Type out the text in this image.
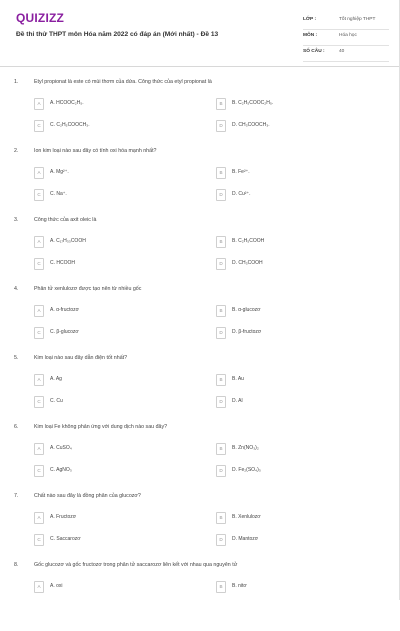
QUIZIZZ
Đề thi thử THPT môn Hóa năm 2022 có đáp án (Mới nhất) - Đề 13
LỚP :	Tốt nghiệp THPT
MÔN :	Hóa học
SỐ CÂU :	40
1.	Etyl propionat là este có mùi thơm của dứa. Công thức của etyl propionat là
A	A. HCOOC₂H₅.	B	B. C₂H₅COOC₂H₅.
C	C. C₂H₅COOCH₃.	D	D. CH₃COOCH₃.
2.	Ion kim loại nào sau đây có tính oxi hóa mạnh nhất?
A	A. Mg²⁺.	B	B. Fe²⁺.
C	C. Na⁺.	D	D. Cu²⁺.
3.	Công thức của axit oleic là
A	A. C₁₇H₃₃COOH	B	B. C₂H₅COOH
C	C. HCOOH	D	D. CH₃COOH
4.	Phân tử xenlulozơ được tạo nên từ nhiều gốc
A	A. α-fructozơ	B	B. α-glucozơ
C	C. β-glucozơ	D	D. β-fructozơ
5.	Kim loại nào sau đây dẫn điện tốt nhất?
A	A. Ag	B	B. Au
C	C. Cu	D	D. Al
6.	Kim loại Fe không phản ứng với dung dịch nào sau đây?
A	A. CuSO₄	B	B. Zn(NO₃)₂
C	C. AgNO₃	D	D. Fe₂(SO₄)₃
7.	Chất nào sau đây là đồng phân của glucozơ?
A	A. Fructozơ	B	B. Xenlulozơ
C	C. Saccarozơ	D	D. Mantozơ
8.	Gốc glucozơ và gốc fructozơ trong phân tử saccarozơ liên kết với nhau qua nguyên tử
A	A. oxi	B	B. nitơ
